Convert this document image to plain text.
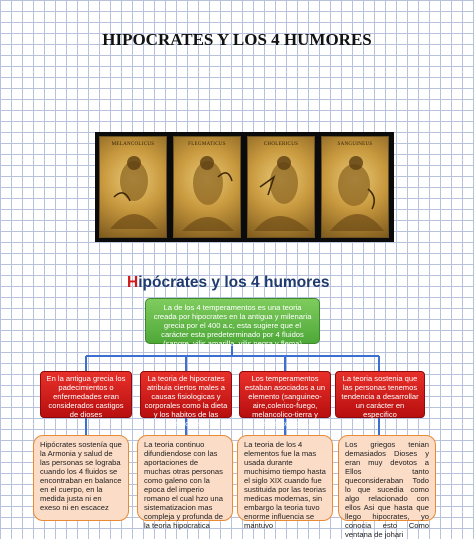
HIPOCRATES Y LOS 4 HUMORES
MELANCOLICUS	FLEGMATICUS	CHOLERICUS	SANGUINEUS
Hipócrates y los 4 humores
La de los 4 temperamentos es una teoria creada por hipocrates en la antigua y milenaria grecia por el 400 a.c, esta sugiere que el carácter esta predeterminado por 4 fluidos (sangre, vilis amarilla, vilis negra y flema)
En la antigua grecia los padecimientos o enfermedades eran considerados castigos de dioses
La teoria de hipocrates atribuia ciertos males a causas fisiologicas y corporales como la dieta y los habitos de las personas
Los temperamentos estaban asociados a un elemento (sanguineo-aire,colerico-fuego, melancolico-tierra y flematico-agua)
La teoria sostenia que las personas tenemos tendencia a desarrollar un carácter en especifico
Hipócrates sostenía que la Armonia y salud de las personas se lograba cuando los 4 fluidos se encontraban en balance en el cuerpo, en la medida justa ni en exeso ni en escacez
La teoria continuo difundiendose con las aportaciones de muchas otras personas como galeno con la epoca del imperio romano el cual hzo una sistematizacion mas compleja y profunda de la teoria hipocratica
La teoria de los 4 elementos fue la mas usada durante muchisimo tiempo hasta el siglo XIX cuando fue sustituida por las teorias medicas modernas, sin embargo la teoria tuvo enorme influencia se mantuvo
Los griegos tenian demasiados Dioses y eran muy devotos a Ellos tanto queconsideraban Todo lo que sucedia como algo relacionado con ellos Asi que hasta que llego hipocrates, yo conocia esto Como ventana de johari
